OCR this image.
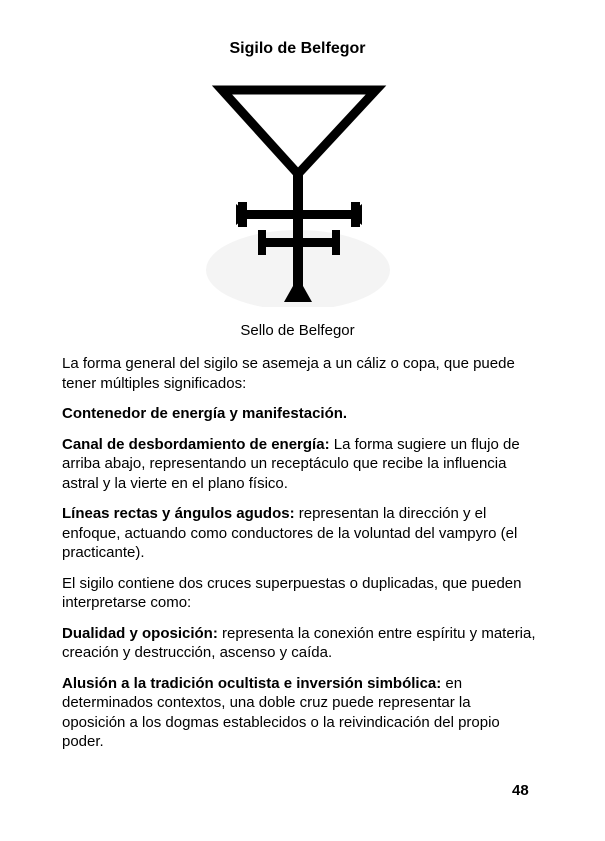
Sigilo de Belfegor
Sello de Belfegor

La forma general del sigilo se asemeja a un cáliz o copa, que puede tener múltiples significados:

Contenedor de energía y manifestación.

Canal de desbordamiento de energía: La forma sugiere un flujo de arriba abajo, representando un receptáculo que recibe la influencia astral y la vierte en el plano físico.

Líneas rectas y ángulos agudos: representan la dirección y el enfoque, actuando como conductores de la voluntad del vampyro (el practicante).

El sigilo contiene dos cruces superpuestas o duplicadas, que pueden interpretarse como:

Dualidad y oposición: representa la conexión entre espíritu y materia, creación y destrucción, ascenso y caída.

Alusión a la tradición ocultista e inversión simbólica: en determinados contextos, una doble cruz puede representar la oposición a los dogmas establecidos o la reivindicación del propio poder.

48
